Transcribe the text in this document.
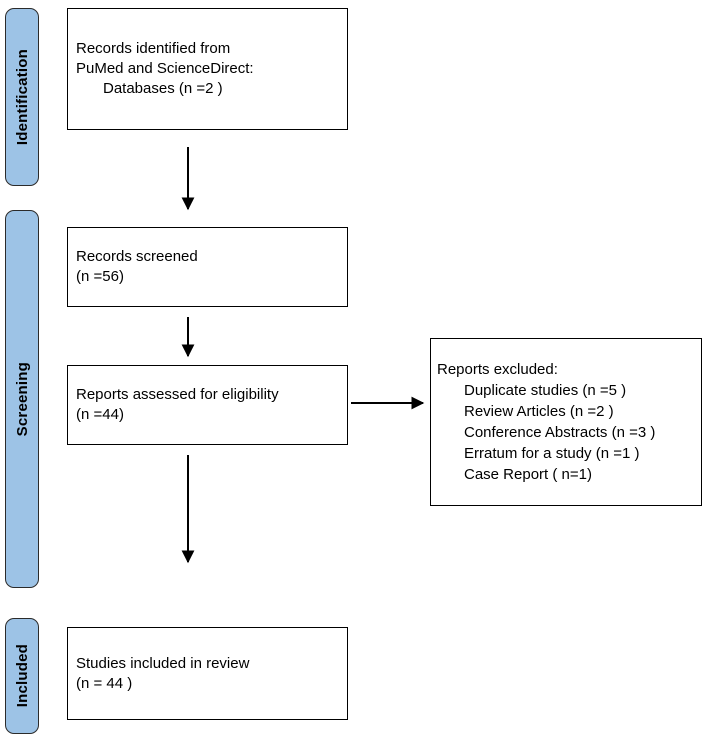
Identification
Screening
Included
Records identified from
PuMed and ScienceDirect:
Databases (n =2 )
Records screened
(n =56)
Reports assessed for eligibility
(n =44)
Reports excluded:
Duplicate studies (n =5 )
Review Articles (n =2 )
Conference Abstracts (n =3 )
Erratum for a study (n =1 )
Case Report ( n=1)
Studies included in review
(n = 44 )
